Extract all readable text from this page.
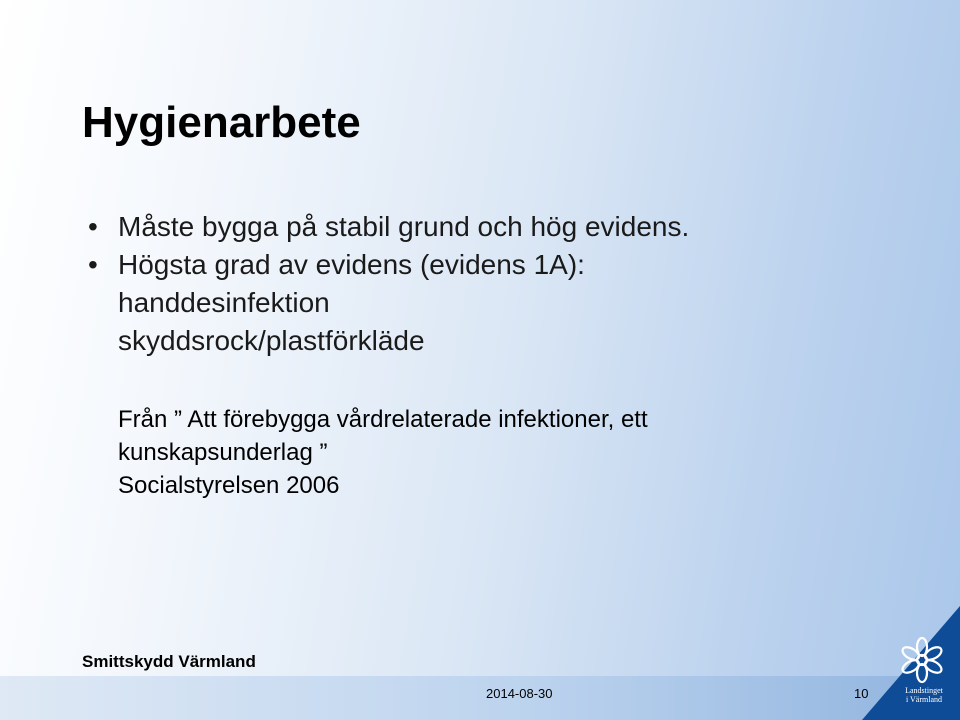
Hygienarbete
• Måste bygga på stabil grund och hög evidens.
• Högsta grad av evidens (evidens 1A):
handdesinfektion
skyddsrock/plastförkläde
Från ” Att förebygga vårdrelaterade infektioner, ett
kunskapsunderlag ”
Socialstyrelsen 2006
Smittskydd Värmland
2014-08-30	10	Landstinget
i Värmland
